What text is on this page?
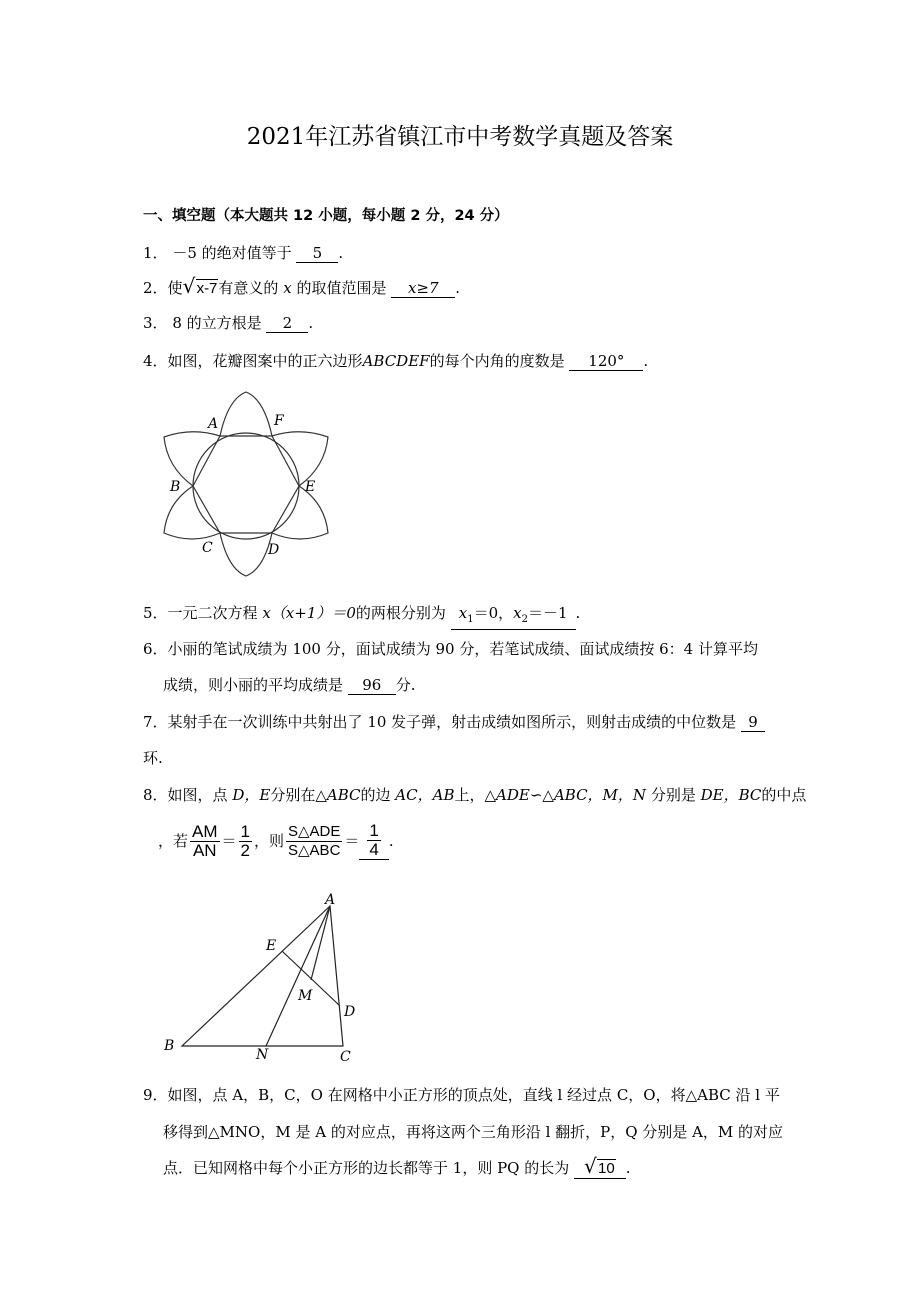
2021年江苏省镇江市中考数学真题及答案
一、填空题（本大题共 12 小题，每小题 2 分，24 分）
1． －5 的绝对值等于 5 .
2．使 √ x-7有意义的 x 的取值范围是 x≥7 .
3． 8 的立方根是 2 .
4．如图，花瓣图案中的正六边形ABCDEF的每个内角的度数是 120° .
A	F
B	E
C	D
5．一元二次方程 x（x+1）＝0的两根分别为 $x_1=0$，$x_2=-1$ .
6．小丽的笔试成绩为 100 分，面试成绩为 90 分，若笔试成绩、面试成绩按 6：4 计算平均
成绩，则小丽的平均成绩是 96 分.
7．某射手在一次训练中共射出了 10 发子弹，射击成绩如图所示，则射击成绩的中位数是 9
环.
8．如图，点 D，E分别在△ABC的边 AC，AB上，△ADE∽△ABC，M，N 分别是 DE，BC的中点
，若 $\frac{AM}{AN} = \frac{1}{2}$ ，则 $\frac{\text{S△ADE}}{\text{S△ABC}} = \frac{1}{4}$ .
A
E
M
D
B
N	C
9．如图，点 A，B，C，O 在网格中小正方形的顶点处，直线 l 经过点 C，O，将△ABC 沿 l 平
移得到△MNO，M 是 A 的对应点，再将这两个三角形沿 l 翻折，P，Q 分别是 A，M 的对应
点．已知网格中每个小正方形的边长都等于 1，则 PQ 的长为 √ 10 .
